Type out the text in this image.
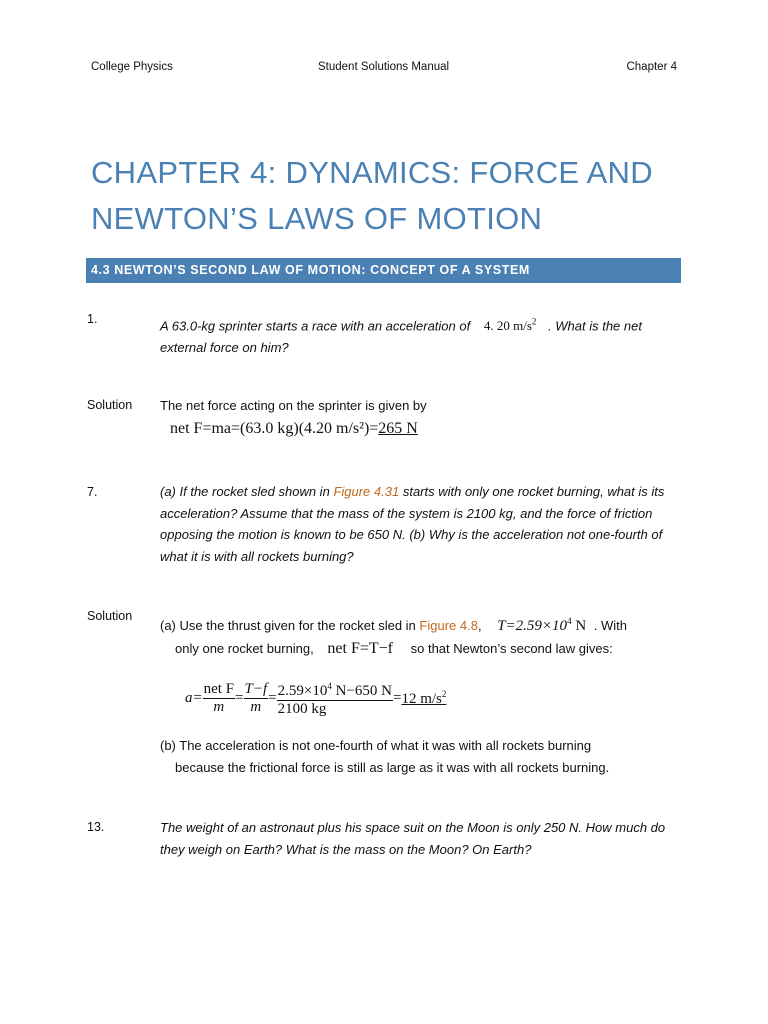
College Physics	Student Solutions Manual	Chapter 4
CHAPTER 4: DYNAMICS: FORCE AND
NEWTON’S LAWS OF MOTION
4.3 NEWTON’S SECOND LAW OF MOTION: CONCEPT OF A SYSTEM
1.	A 63.0-kg sprinter starts a race with an acceleration of 4. 20 $m/s^2$ . What is the net external force on him?
Solution The net force acting on the sprinter is given by
net F=ma=(63.0 kg)(4.20 m/s²)=265 N
7.	(a) If the rocket sled shown in Figure 4.31 starts with only one rocket burning, what is its acceleration? Assume that the mass of the system is 2100 kg, and the force of friction opposing the motion is known to be 650 N. (b) Why is the acceleration not one-fourth of what it is with all rockets burning?
Solution
(a) Use the thrust given for the rocket sled in Figure 4.8, $T=2.59\times 10^4$ N . With
only one rocket burning, net F=T−f so that Newton’s second law gives:
$a= \frac{\text{net F}}{m} = \frac{T-f}{m} = \frac{2.59\times 10^4 N-650 N}{2100 kg} = 12$ $m/s^2$
(b) The acceleration is not one-fourth of what it was with all rockets burning
because the frictional force is still as large as it was with all rockets burning.
13.	The weight of an astronaut plus his space suit on the Moon is only 250 N. How much do they weigh on Earth? What is the mass on the Moon? On Earth?
